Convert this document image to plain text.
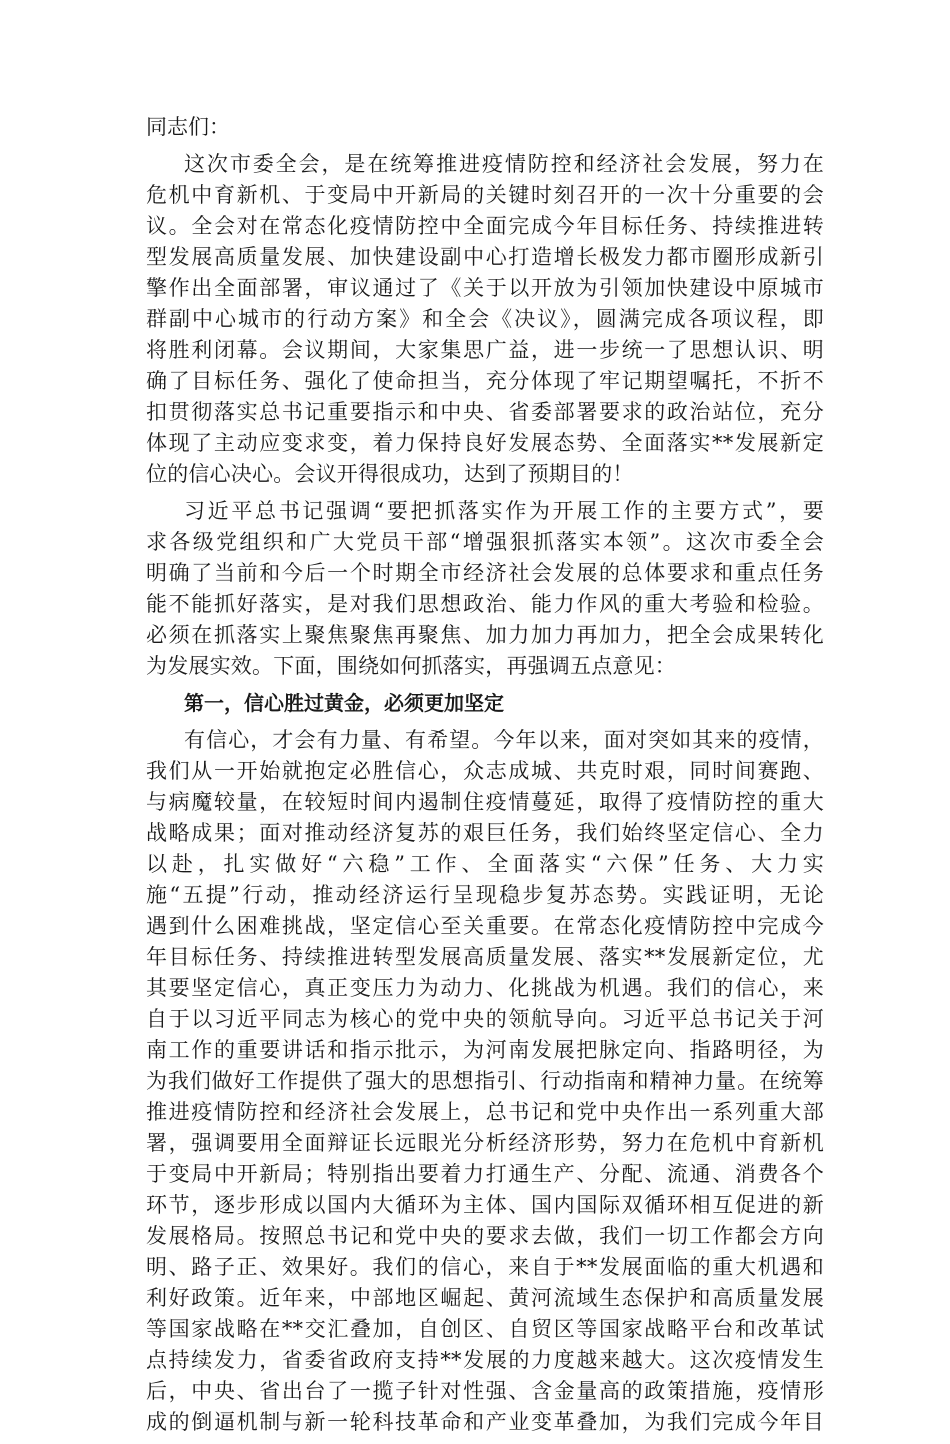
同志们：
这次市委全会，是在统筹推进疫情防控和经济社会发展，努力在
危机中育新机、于变局中开新局的关键时刻召开的一次十分重要的会
议。全会对在常态化疫情防控中全面完成今年目标任务、持续推进转
型发展高质量发展、加快建设副中心打造增长极发力都市圈形成新引
擎作出全面部署，审议通过了《关于以开放为引领加快建设中原城市
群副中心城市的行动方案》和全会《决议》，圆满完成各项议程，即
将胜利闭幕。会议期间，大家集思广益，进一步统一了思想认识、明
确了目标任务、强化了使命担当，充分体现了牢记期望嘱托，不折不
扣贯彻落实总书记重要指示和中央、省委部署要求的政治站位，充分
体现了主动应变求变，着力保持良好发展态势、全面落实**发展新定
位的信心决心。会议开得很成功，达到了预期目的！
习近平总书记强调“要把抓落实作为开展工作的主要方式”，要
求各级党组织和广大党员干部“增强狠抓落实本领”。这次市委全会
明确了当前和今后一个时期全市经济社会发展的总体要求和重点任务
能不能抓好落实，是对我们思想政治、能力作风的重大考验和检验。
必须在抓落实上聚焦聚焦再聚焦、加力加力再加力，把全会成果转化
为发展实效。下面，围绕如何抓落实，再强调五点意见：
第一，信心胜过黄金，必须更加坚定
有信心，才会有力量、有希望。今年以来，面对突如其来的疫情，
我们从一开始就抱定必胜信心，众志成城、共克时艰，同时间赛跑、
与病魔较量，在较短时间内遏制住疫情蔓延，取得了疫情防控的重大
战略成果；面对推动经济复苏的艰巨任务，我们始终坚定信心、全力
以赴，扎实做好“六稳”工作、全面落实“六保”任务、大力实
施“五提”行动，推动经济运行呈现稳步复苏态势。实践证明，无论
遇到什么困难挑战，坚定信心至关重要。在常态化疫情防控中完成今
年目标任务、持续推进转型发展高质量发展、落实**发展新定位，尤
其要坚定信心，真正变压力为动力、化挑战为机遇。我们的信心，来
自于以习近平同志为核心的党中央的领航导向。习近平总书记关于河
南工作的重要讲话和指示批示，为河南发展把脉定向、指路明径，为
为我们做好工作提供了强大的思想指引、行动指南和精神力量。在统筹
推进疫情防控和经济社会发展上，总书记和党中央作出一系列重大部
署，强调要用全面辩证长远眼光分析经济形势，努力在危机中育新机
于变局中开新局；特别指出要着力打通生产、分配、流通、消费各个
环节，逐步形成以国内大循环为主体、国内国际双循环相互促进的新
发展格局。按照总书记和党中央的要求去做，我们一切工作都会方向
明、路子正、效果好。我们的信心，来自于**发展面临的重大机遇和
利好政策。近年来，中部地区崛起、黄河流域生态保护和高质量发展
等国家战略在**交汇叠加，自创区、自贸区等国家战略平台和改革试
点持续发力，省委省政府支持**发展的力度越来越大。这次疫情发生
后，中央、省出台了一揽子针对性强、含金量高的政策措施，疫情形
成的倒逼机制与新一轮科技革命和产业变革叠加，为我们完成今年目
